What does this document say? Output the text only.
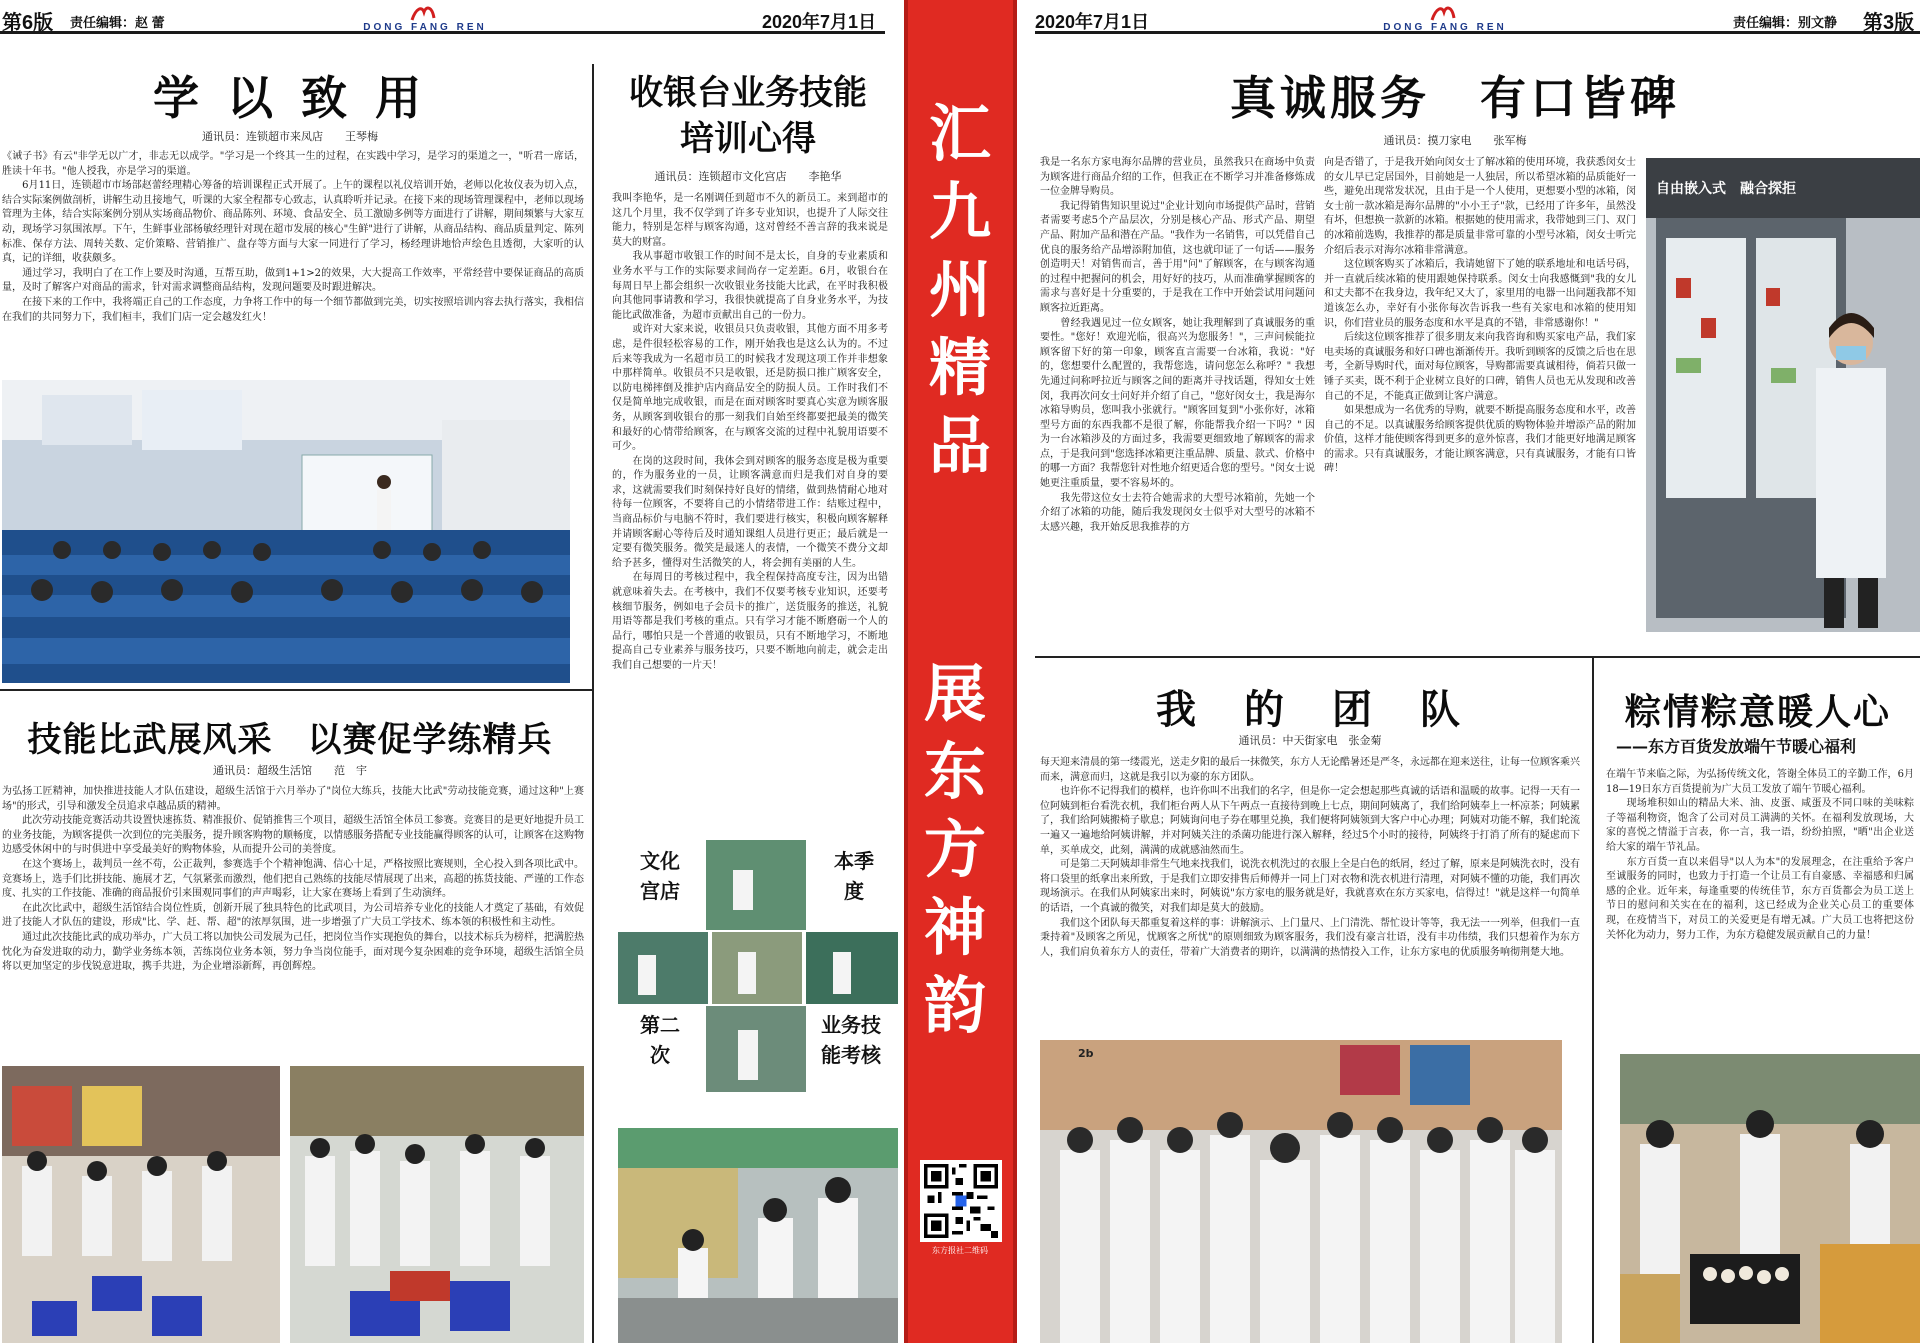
第6版 责任编辑：赵 蕾	DONG FANG REN	2020年7月1日	2020年7月1日	DONG FANG REN	责任编辑：别文静 第3版
汇九州精品
展东方神韵
东方报社二维码
学 以 致 用
通讯员：连锁超市来凤店　　王琴梅
《诫子书》有云"非学无以广才，非志无以成学。"学习是一个终其一生的过程，在实践中学习，是学习的渠道之一，"听君一席话，胜读十年书。"他人授我，亦是学习的渠道。
　　6月11日，连锁超市市场部赵蕾经理精心筹备的培训课程正式开展了。上午的课程以礼仪培训开始，老师以化妆仪表为切入点，结合实际案例做剖析，讲解生动且接地气，听课的大家全程都专心致志，认真聆听并记录。在接下来的现场管理课程中，老师以现场管理为主体，结合实际案例分别从实场商品物价、商品陈列、环境、食品安全、员工激励多例等方面进行了讲解，期间频繁与大家互动，现场学习氛围浓厚。下午，生鲜事业部杨敏经理针对现在超市发展的核心"生鲜"进行了讲解，从商品结构、商品质量判定、陈列标准、保存方法、周转关数、定价策略、营销推广、盘存等方面与大家一同进行了学习，杨经理讲地恰声绘色且透彻，大家听的认真，记的详细，收获颇多。
　　通过学习，我明白了在工作上要及时沟通，互帮互助，做到1+1>2的效果，大大提高工作效率，平常经营中要保证商品的高质量，及时了解客户对商品的需求，针对需求调整商品结构，发现问题要及时跟进解决。
　　在接下来的工作中，我将端正自己的工作态度，力争将工作中的每一个细节都做到完美，切实按照培训内容去执行落实，我相信在我们的共同努力下，我们桓丰，我们门店一定会越发红火！
技能比武展风采　以赛促学练精兵
通讯员：超级生活馆　　范　宇
为弘扬工匠精神，加快推进技能人才队伍建设，超级生活馆于六月举办了"岗位大练兵，技能大比武"劳动技能竞赛，通过这种"上赛场"的形式，引导和激发全员追求卓越品质的精神。
　　此次劳动技能竞赛活动共设置快速拣货、精准报价、促销推售三个项目，超级生活馆全体员工参赛。竞赛目的是更好地提升员工的业务技能，为顾客提供一次到位的完美服务，提升顾客购物的顺畅度，以情感服务搭配专业技能赢得顾客的认可，让顾客在这购物边感受休闲中的与时俱进中享受最美好的购物体验，从而提升公司的美誉度。
　　在这个赛场上，裁判员一丝不苟，公正裁判，参赛选手个个精神饱满、信心十足，严格按照比赛规则，全心投入到各项比武中。竞赛场上，选手们比拼技能、施展才艺，气氛紧张而激烈，他们把自己熟练的技能尽情展现了出来，高超的拣货技能、严谨的工作态度、扎实的工作技能、准确的商品报价引来围观同事们的声声喝彩，让大家在赛场上看到了生动演绎。
　　在此次比武中，超级生活馆结合岗位性质，创新开展了独具特色的比武项目，为公司培养专业化的技能人才奠定了基础，有效促进了技能人才队伍的建设，形成"比、学、赶、帮、超"的浓厚氛围，进一步增强了广大员工学技术、练本领的积极性和主动性。
　　通过此次技能比武的成功举办，广大员工将以加快公司发展为己任，把岗位当作实现抱负的舞台，以技术标兵为榜样，把满腔热忱化为奋发进取的动力，勤学业务练本领，苦练岗位业务本领，努力争当岗位能手，面对现今复杂困难的竞争环境，超级生活馆全员将以更加坚定的步伐锐意进取，携手共进，为企业增添新辉，再创辉煌。
收银台业务技能
培训心得
通讯员：连锁超市文化宫店　　李艳华
我叫李艳华，是一名刚调任到超市不久的新员工。来到超市的这几个月里，我不仅学到了许多专业知识，也提升了人际交往能力，特别是怎样与顾客沟通，这对曾经不善言辞的我来说是莫大的财富。
　　我从事超市收银工作的时间不是太长，自身的专业素质和业务水平与工作的实际要求间尚存一定差距。6月，收银台在每周日早上都会组织一次收银业务技能大比武，在平时我积极向其他同事请教和学习，我很快就提高了自身业务水平，为技能比武做准备，为超市贡献出自己的一份力。
　　或许对大家来说，收银员只负责收银，其他方面不用多考虑，是件很轻松容易的工作，刚开始我也是这么认为的。不过后来等我成为一名超市员工的时候我才发现这项工作并非想象中那样简单。收银员不只是收银，还是防损口推广顾客安全，以防电梯摔倒及推护店内商品安全的防损人员。工作时我们不仅是简单地完成收银，而是在面对顾客时要真心实意为顾客服务，从顾客到收银台的那一刻我们自始至终都要把最美的微笑和最好的心情带给顾客，在与顾客交流的过程中礼貌用语要不可少。
　　在岗的这段时间，我体会到对顾客的服务态度是极为重要的，作为服务业的一员，让顾客满意而归是我们对自身的要求，这就需要我们时刻保持好良好的情绪，做到热情耐心地对待每一位顾客，不要将自己的小情绪带进工作：结账过程中，当商品标价与电脑不符时，我们要进行核实，积极向顾客解释并请顾客耐心等待后及时通知课组人员进行更正；最后就是一定要有微笑服务。微笑是最迷人的表情，一个微笑不费分文却给予甚多，懂得对生活微笑的人，将会拥有美丽的人生。
　　在每周日的考核过程中，我全程保持高度专注，因为出错就意味着失去。在考核中，我们不仅要考核专业知识，还要考核细节服务，例如电子会员卡的推广，送货服务的推送，礼貌用语等都是我们考核的重点。只有学习才能不断磨砺一个人的品行，哪怕只是一个普通的收银员，只有不断地学习，不断地提高自己专业素养与服务技巧，只要不断地向前走，就会走出我们自己想要的一片天！
文化
宫店
本季
度
第二
次
业务技
能考核
真诚服务　有口皆碑
通讯员：摸刀家电　　张军梅
我是一名东方家电海尔品牌的营业员，虽然我只在商场中负责为顾客进行商品介绍的工作，但我正在不断学习并准备修炼成一位金牌导购员。
　　我记得销售知识里说过"企业计划向市场提供产品时，营销者需要考虑5个产品层次，分别是核心产品、形式产品、期望产品、附加产品和潜在产品。"我作为一名销售，可以凭借自己优良的服务给产品增添附加值，这也就印证了一句话——服务创造明天！对销售而言，善于用"问"了解顾客，在与顾客沟通的过程中把握问的机会，用好好的技巧，从而准确掌握顾客的需求与喜好是十分重要的，于是我在工作中开始尝试用问题问顾客拉近距离。
　　曾经我遇见过一位女顾客，她让我理解到了真诚服务的重要性。"您好！欢迎光临，很高兴为您服务！"，三声问候能拉顾客留下好的第一印象，顾客直言需要一台冰箱，我说："好的，您想要什么配置的，我帮您选，请问您怎么称呼？" 我想先通过问称呼拉近与顾客之间的距离并寻找话题，得知女士姓闵，我再次问女士问好并介绍了自己，"您好闵女士，我是海尔冰箱导购员，您叫我小张就行。"顾客回复到"小张你好，冰箱型号方面的东西我都不是很了解，你能帮我介绍一下吗？" 因为一台冰箱涉及的方面过多，我需要更细致地了解顾客的需求点，于是我问到"您选择冰箱更注重品牌、质量、款式、价格中的哪一方面？我帮您针对性地介绍更适合您的型号。"闵女士说她更注重质量，要不容易坏的。
　　我先带这位女士去符合她需求的大型号冰箱前，先她一个介绍了冰箱的功能，随后我发现闵女士似乎对大型号的冰箱不太感兴趣，我开始反思我推荐的方
向是否错了，于是我开始向闵女士了解冰箱的使用环境，我获悉闵女士的女儿早已定居国外，目前她是一人独居，所以希望冰箱的品质能好一些，避免出现常发状况，且由于是一个人使用，更想要小型的冰箱，闵女士前一款冰箱是海尔品牌的"小小王子"款，已经用了许多年，虽然没有坏，但想换一款新的冰箱。根据她的使用需求，我带她到三门、双门的冰箱前选购，我推荐的都是质量非常可靠的小型号冰箱，闵女士听完介绍后表示对海尔冰箱非常满意。
　　这位顾客购买了冰箱后，我请她留下了她的联系地址和电话号码，并一直就后续冰箱的使用跟她保持联系。闵女士向我感慨到"我的女儿和丈夫都不在我身边，我年纪又大了，家里用的电器一出问题我都不知道该怎么办，幸好有小张你每次告诉我一些有关家电和冰箱的使用知识，你们营业员的服务态度和水平是真的不错，非常感谢你！"
　　后续这位顾客推荐了很多朋友来向我咨询和购买家电产品，我们家电卖场的真诚服务和好口碑也渐渐传开。我听到顾客的反馈之后也在思考，全新导购时代，面对每位顾客，导购都需要真诚相待，倘若只做一锤子买卖，既不利于企业树立良好的口碑，销售人员也无从发现和改善自己的不足，不能真正做到让客户满意。
　　如果想成为一名优秀的导购，就要不断提高服务态度和水平，改善自己的不足。以真诚服务给顾客提供优质的购物体验并增添产品的附加价值，这样才能使顾客得到更多的意外惊喜，我们才能更好地满足顾客的需求。只有真诚服务，才能让顾客满意，只有真诚服务，才能有口皆碑！
自由嵌入式　融合探拒
我　的　团　队
通讯员：中天街家电　张金菊
每天迎来清晨的第一缕霞光，送走夕阳的最后一抹微笑，东方人无论酷暑还是严冬，永远都在迎来送往，让每一位顾客乘兴而来，满意而归，这就是我引以为豪的东方团队。
　　也许你不记得我们的模样，也许你叫不出我们的名字，但是你一定会想起那些真诚的话语和温暖的故事。记得一天有一位阿姨到柜台看洗衣机，我们柜台两人从下午两点一直接待到晚上七点，期间阿姨离了，我们给阿姨奉上一杯凉茶；阿姨累了，我们给阿姨搬椅子歇息；阿姨询问电子券在哪里兑换，我们便将阿姨领到大客户中心办理；阿姨对功能不解，我们轮流一遍又一遍地给阿姨讲解，并对阿姨关注的杀菌功能进行深入解释，经过5个小时的接待，阿姨终于打消了所有的疑虑而下单，买单成交，此刻，满满的成就感油然而生。
　　可是第二天阿姨却非常生气地来找我们，说洗衣机洗过的衣服上全是白色的纸屑，经过了解，原来是阿姨洗衣时，没有将口袋里的纸拿出来所致，于是我们立即安排售后师傅并一同上门对衣物和洗衣机进行清理，对阿姨不懂的功能，我们再次现场演示。在我们从阿姨家出来时，阿姨说"东方家电的服务就是好，我就喜欢在东方买家电，信得过！"就是这样一句简单的话语，一个真诚的微笑，对我们却是莫大的鼓励。
　　我们这个团队每天都重复着这样的事：讲解演示、上门量尺、上门清洗、帮忙设计等等，我无法一一列举，但我们一直秉持着"及顾客之所见，忧顾客之所忧"的原则细致为顾客服务，我们没有豪言壮语，没有丰功伟绩，我们只想着作为东方人，我们肩负着东方人的责任，带着广大消费者的期许，以满满的热情投入工作，让东方家电的优质服务响彻荆楚大地。
2b
粽情粽意暖人心
——东方百货发放端午节暖心福利
在端午节来临之际，为弘扬传统文化，答谢全体员工的辛勤工作，6月18—19日东方百货提前为广大员工发放了端午节暖心福利。
　　现场堆积如山的精品大米、油、皮蛋、咸蛋及不同口味的美味粽子等福利物资，饱含了公司对员工满满的关怀。在福利发放现场，大家的喜悦之情溢于言表，你一言，我一语，纷纷拍照，"晒"出企业送给大家的端午节礼品。
　　东方百货一直以来倡导"以人为本"的发展理念，在注重给予客户至诚服务的同时，也致力于打造一个让员工有自豪感、幸福感和归属感的企业。近年来，每逢重要的传统佳节，东方百货都会为员工送上节日的慰问和关实在在的福利，这已经成为企业关心员工的重要体现，在疫情当下，对员工的关爱更是有增无减。广大员工也将把这份关怀化为动力，努力工作，为东方稳健发展贡献自己的力量！
